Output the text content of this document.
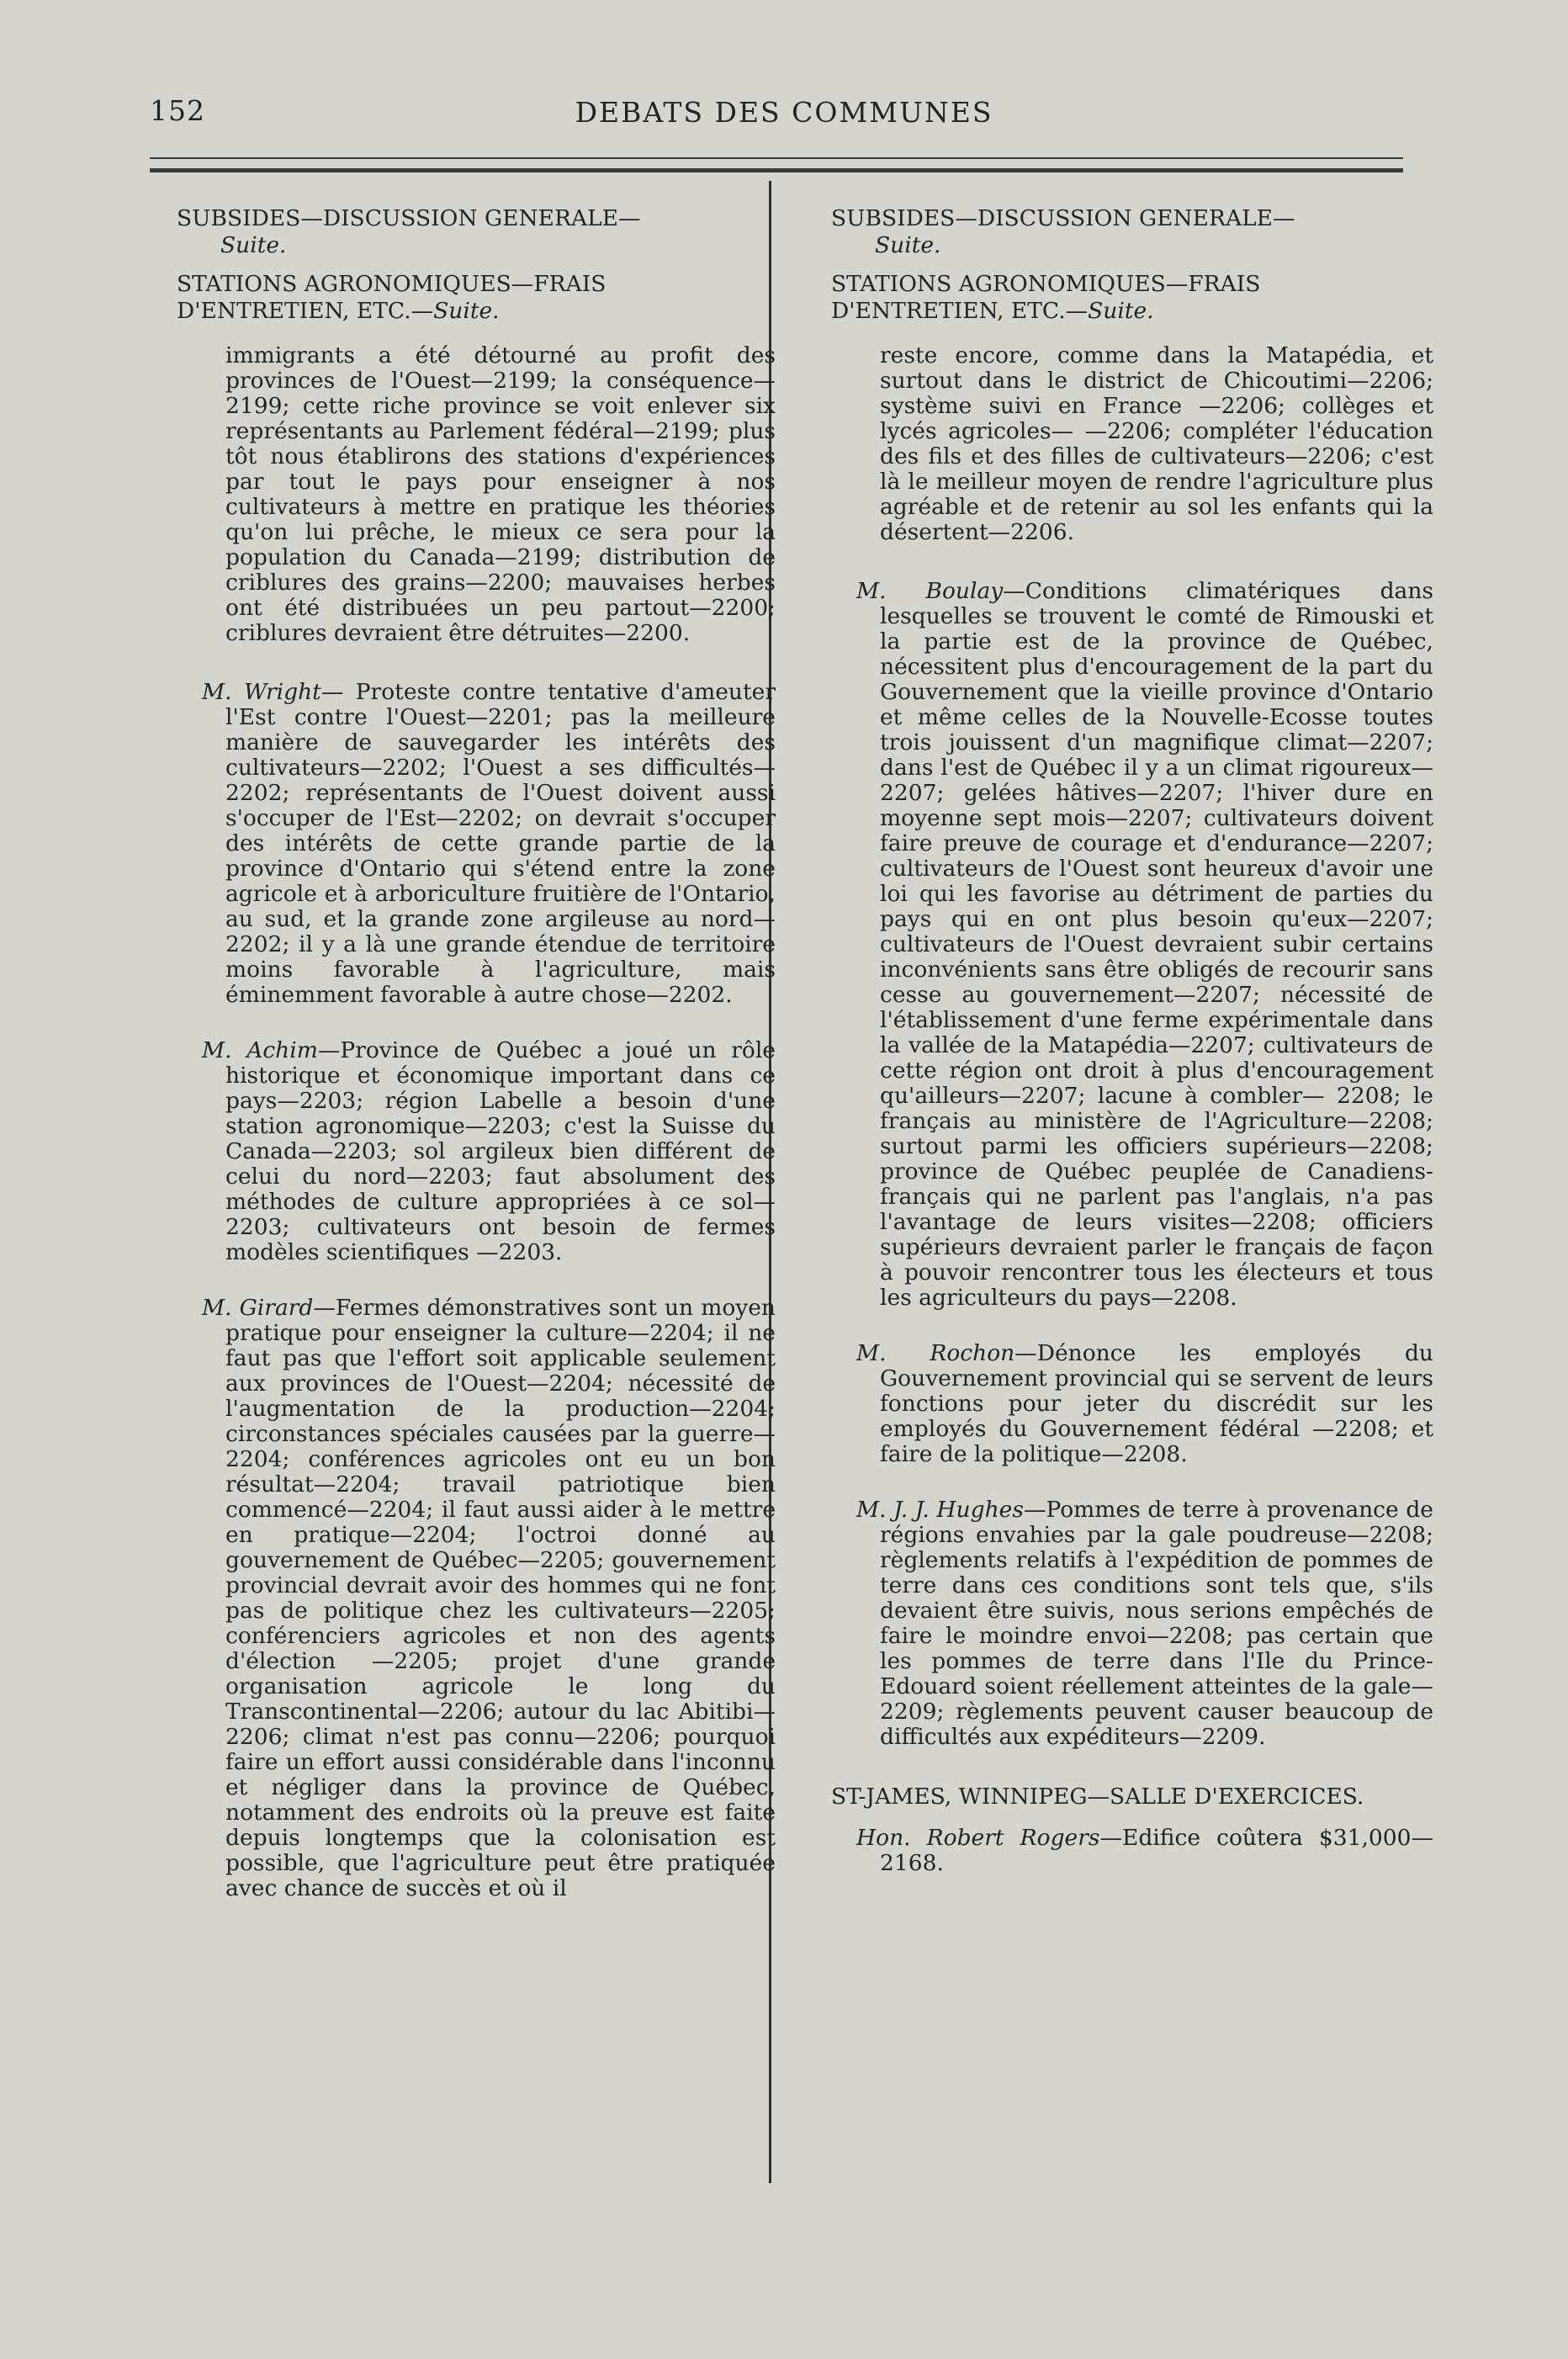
152	DEBATS DES COMMUNES
SUBSIDES—DISCUSSION GENERALE—
Suite.
STATIONS AGRONOMIQUES—FRAIS D'ENTRETIEN, ETC.—Suite.

immigrants a été détourné au profit des provinces de l'Ouest—2199; la conséquence—2199; cette riche province se voit enlever six représentants au Parlement fédéral—2199; plus tôt nous établirons des stations d'expériences par tout le pays pour enseigner à nos cultivateurs à mettre en pratique les théories qu'on lui prêche, le mieux ce sera pour la population du Canada—2199; distribution de criblures des grains—2200; mauvaises herbes ont été distribuées un peu partout—2200; criblures devraient être détruites—2200.

M. Wright— Proteste contre tentative d'ameuter l'Est contre l'Ouest—2201; pas la meilleure manière de sauvegarder les intérêts des cultivateurs—2202; l'Ouest a ses difficultés—2202; représentants de l'Ouest doivent aussi s'occuper de l'Est—2202; on devrait s'occuper des intérêts de cette grande partie de la province d'Ontario qui s'étend entre la zone agricole et à arboriculture fruitière de l'Ontario, au sud, et la grande zone argileuse au nord—2202; il y a là une grande étendue de territoire moins favorable à l'agriculture, mais éminemment favorable à autre chose—2202.

M. Achim—Province de Québec a joué un rôle historique et économique important dans ce pays—2203; région Labelle a besoin d'une station agronomique—2203; c'est la Suisse du Canada—2203; sol argileux bien différent de celui du nord—2203; faut absolument des méthodes de culture appropriées à ce sol—2203; cultivateurs ont besoin de fermes modèles scientifiques —2203.

M. Girard—Fermes démonstratives sont un moyen pratique pour enseigner la culture—2204; il ne faut pas que l'effort soit applicable seulement aux provinces de l'Ouest—2204; nécessité de l'augmentation de la production—2204; circonstances spéciales causées par la guerre—2204; conférences agricoles ont eu un bon résultat—2204; travail patriotique bien commencé—2204; il faut aussi aider à le mettre en pratique—2204; l'octroi donné au gouvernement de Québec—2205; gouvernement provincial devrait avoir des hommes qui ne font pas de politique chez les cultivateurs—2205; conférenciers agricoles et non des agents d'élection —2205; projet d'une grande organisation agricole le long du Transcontinental—2206; autour du lac Abitibi—2206; climat n'est pas connu—2206; pourquoi faire un effort aussi considérable dans l'inconnu et négliger dans la province de Québec, notamment des endroits où la preuve est faite depuis longtemps que la colonisation est possible, que l'agriculture peut être pratiquée avec chance de succès et où il

SUBSIDES—DISCUSSION GENERALE—
Suite.
STATIONS AGRONOMIQUES—FRAIS D'ENTRETIEN, ETC.—Suite.

reste encore, comme dans la Matapédia, et surtout dans le district de Chicoutimi—2206; système suivi en France —2206; collèges et lycés agricoles— —2206; compléter l'éducation des fils et des filles de cultivateurs—2206; c'est là le meilleur moyen de rendre l'agriculture plus agréable et de retenir au sol les enfants qui la désertent—2206.

M. Boulay—Conditions climatériques dans lesquelles se trouvent le comté de Rimouski et la partie est de la province de Québec, nécessitent plus d'encouragement de la part du Gouvernement que la vieille province d'Ontario et même celles de la Nouvelle-Ecosse toutes trois jouissent d'un magnifique climat—2207; dans l'est de Québec il y a un climat rigoureux—2207; gelées hâtives—2207; l'hiver dure en moyenne sept mois—2207; cultivateurs doivent faire preuve de courage et d'endurance—2207; cultivateurs de l'Ouest sont heureux d'avoir une loi qui les favorise au détriment de parties du pays qui en ont plus besoin qu'eux—2207; cultivateurs de l'Ouest devraient subir certains inconvénients sans être obligés de recourir sans cesse au gouvernement—2207; nécessité de l'établissement d'une ferme expérimentale dans la vallée de la Matapédia—2207; cultivateurs de cette région ont droit à plus d'encouragement qu'ailleurs—2207; lacune à combler— 2208; le français au ministère de l'Agriculture—2208; surtout parmi les officiers supérieurs—2208; province de Québec peuplée de Canadiens-français qui ne parlent pas l'anglais, n'a pas l'avantage de leurs visites—2208; officiers supérieurs devraient parler le français de façon à pouvoir rencontrer tous les électeurs et tous les agriculteurs du pays—2208.

M. Rochon—Dénonce les employés du Gouvernement provincial qui se servent de leurs fonctions pour jeter du discrédit sur les employés du Gouvernement fédéral —2208; et faire de la politique—2208.

M. J. J. Hughes—Pommes de terre à provenance de régions envahies par la gale poudreuse—2208; règlements relatifs à l'expédition de pommes de terre dans ces conditions sont tels que, s'ils devaient être suivis, nous serions empêchés de faire le moindre envoi—2208; pas certain que les pommes de terre dans l'Ile du Prince-Edouard soient réellement atteintes de la gale—2209; règlements peuvent causer beaucoup de difficultés aux expéditeurs—2209.

ST-JAMES, WINNIPEG—SALLE D'EXERCICES.

Hon. Robert Rogers—Edifice coûtera $31,000—2168.
